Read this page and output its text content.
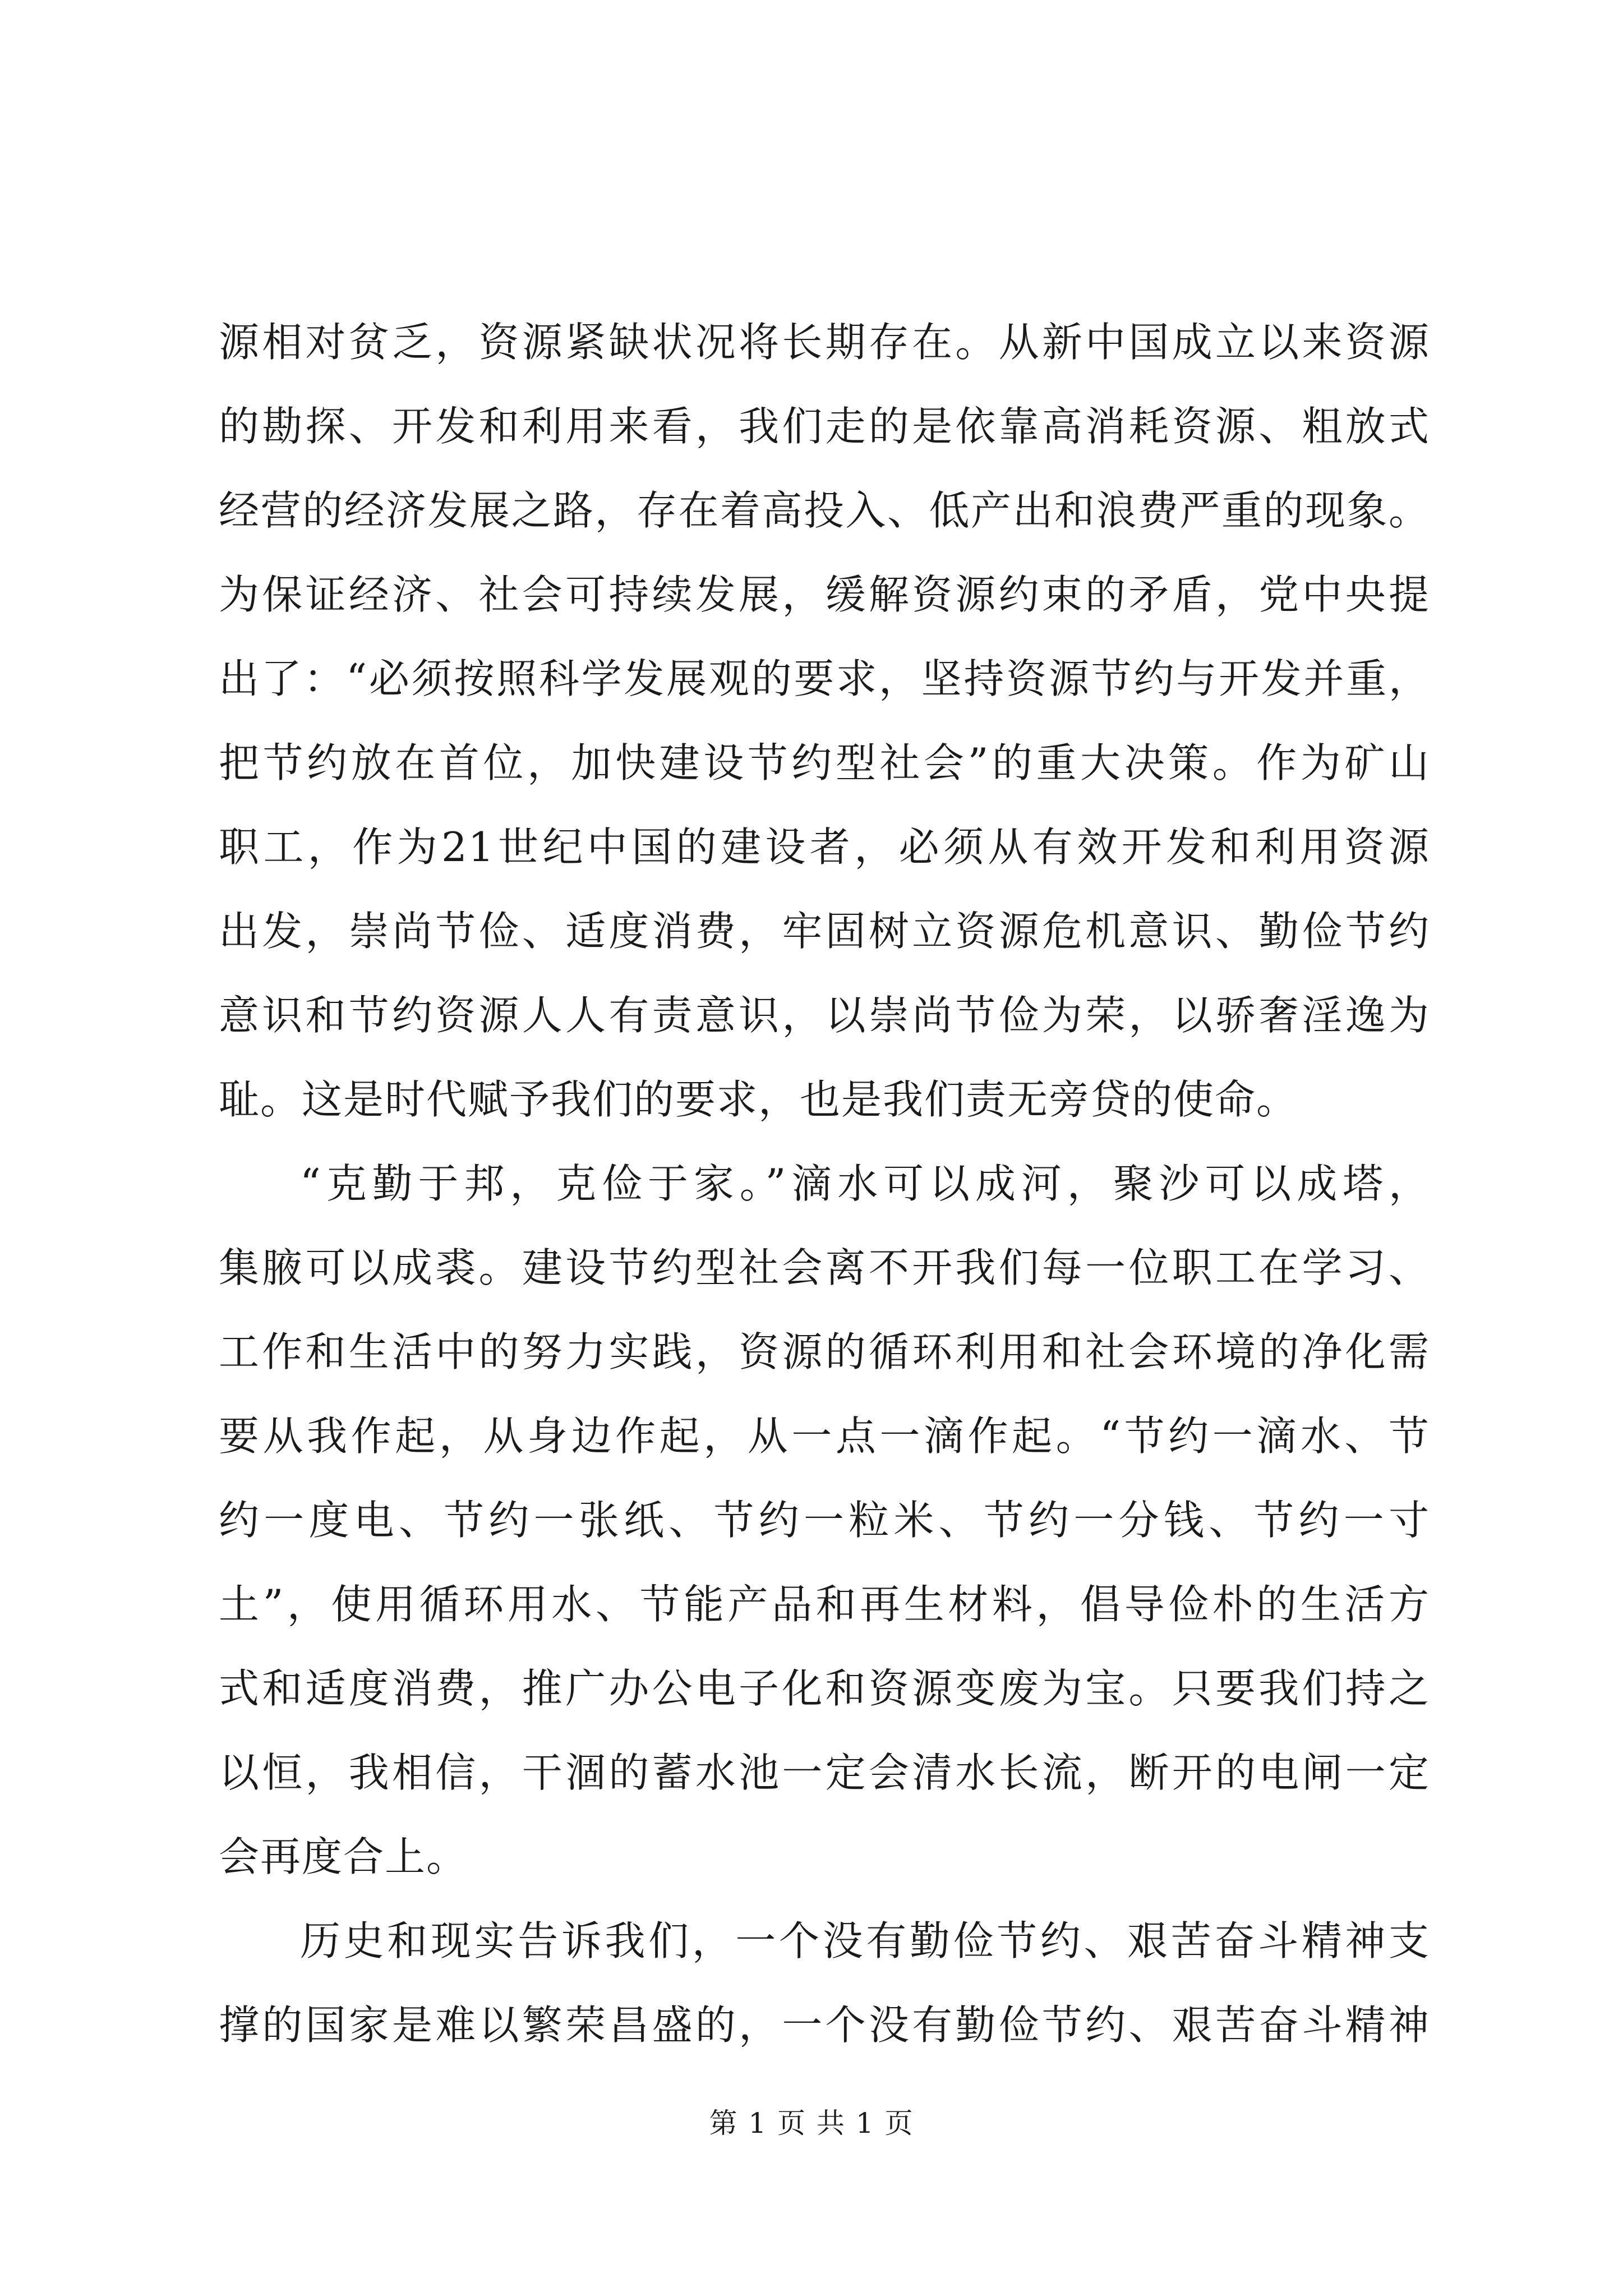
源相对贫乏，资源紧缺状况将长期存在。从新中国成立以来资源
的勘探、开发和利用来看，我们走的是依靠高消耗资源、粗放式
经营的经济发展之路，存在着高投入、低产出和浪费严重的现象。
为保证经济、社会可持续发展，缓解资源约束的矛盾，党中央提
出了：“必须按照科学发展观的要求，坚持资源节约与开发并重，
把节约放在首位，加快建设节约型社会”的重大决策。作为矿山
职工，作为21世纪中国的建设者，必须从有效开发和利用资源
出发，崇尚节俭、适度消费，牢固树立资源危机意识、勤俭节约
意识和节约资源人人有责意识，以崇尚节俭为荣，以骄奢淫逸为
耻。这是时代赋予我们的要求，也是我们责无旁贷的使命。
“克勤于邦，克俭于家。”滴水可以成河，聚沙可以成塔，
集腋可以成裘。建设节约型社会离不开我们每一位职工在学习、
工作和生活中的努力实践，资源的循环利用和社会环境的净化需
要从我作起，从身边作起，从一点一滴作起。“节约一滴水、节
约一度电、节约一张纸、节约一粒米、节约一分钱、节约一寸
土”，使用循环用水、节能产品和再生材料，倡导俭朴的生活方
式和适度消费，推广办公电子化和资源变废为宝。只要我们持之
以恒，我相信，干涸的蓄水池一定会清水长流，断开的电闸一定
会再度合上。
历史和现实告诉我们，一个没有勤俭节约、艰苦奋斗精神支
撑的国家是难以繁荣昌盛的，一个没有勤俭节约、艰苦奋斗精神
第 1 页 共 1 页
